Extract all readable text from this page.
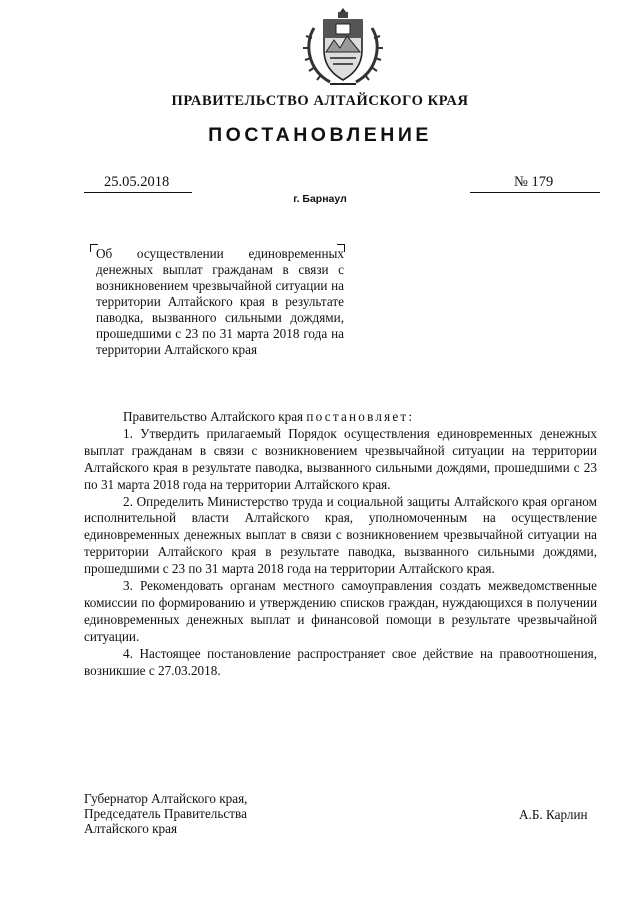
ПРАВИТЕЛЬСТВО АЛТАЙСКОГО КРАЯ
ПОСТАНОВЛЕНИЕ
25.05.2018	№ 179
г. Барнаул
Об осуществлении единовременных денежных выплат гражданам в связи с возникновением чрезвычайной ситуации на территории Алтайского края в результате паводка, вызванного сильными дождями, прошедшими с 23 по 31 марта 2018 года на территории Алтайского края

Правительство Алтайского края постановляет:

1. Утвердить прилагаемый Порядок осуществления единовременных денежных выплат гражданам в связи с возникновением чрезвычайной ситуации на территории Алтайского края в результате паводка, вызванного сильными дождями, прошедшими с 23 по 31 марта 2018 года на территории Алтайского края.

2. Определить Министерство труда и социальной защиты Алтайского края органом исполнительной власти Алтайского края, уполномоченным на осуществление единовременных денежных выплат в связи с возникновением чрезвычайной ситуации на территории Алтайского края в результате паводка, вызванного сильными дождями, прошедшими с 23 по 31 марта 2018 года на территории Алтайского края.

3. Рекомендовать органам местного самоуправления создать межведомственные комиссии по формированию и утверждению списков граждан, нуждающихся в получении единовременных денежных выплат и финансовой помощи в результате чрезвычайной ситуации.

4. Настоящее постановление распространяет свое действие на правоотношения, возникшие с 27.03.2018.

Губернатор Алтайского края,
Председатель Правительства
Алтайского края
А.Б. Карлин
